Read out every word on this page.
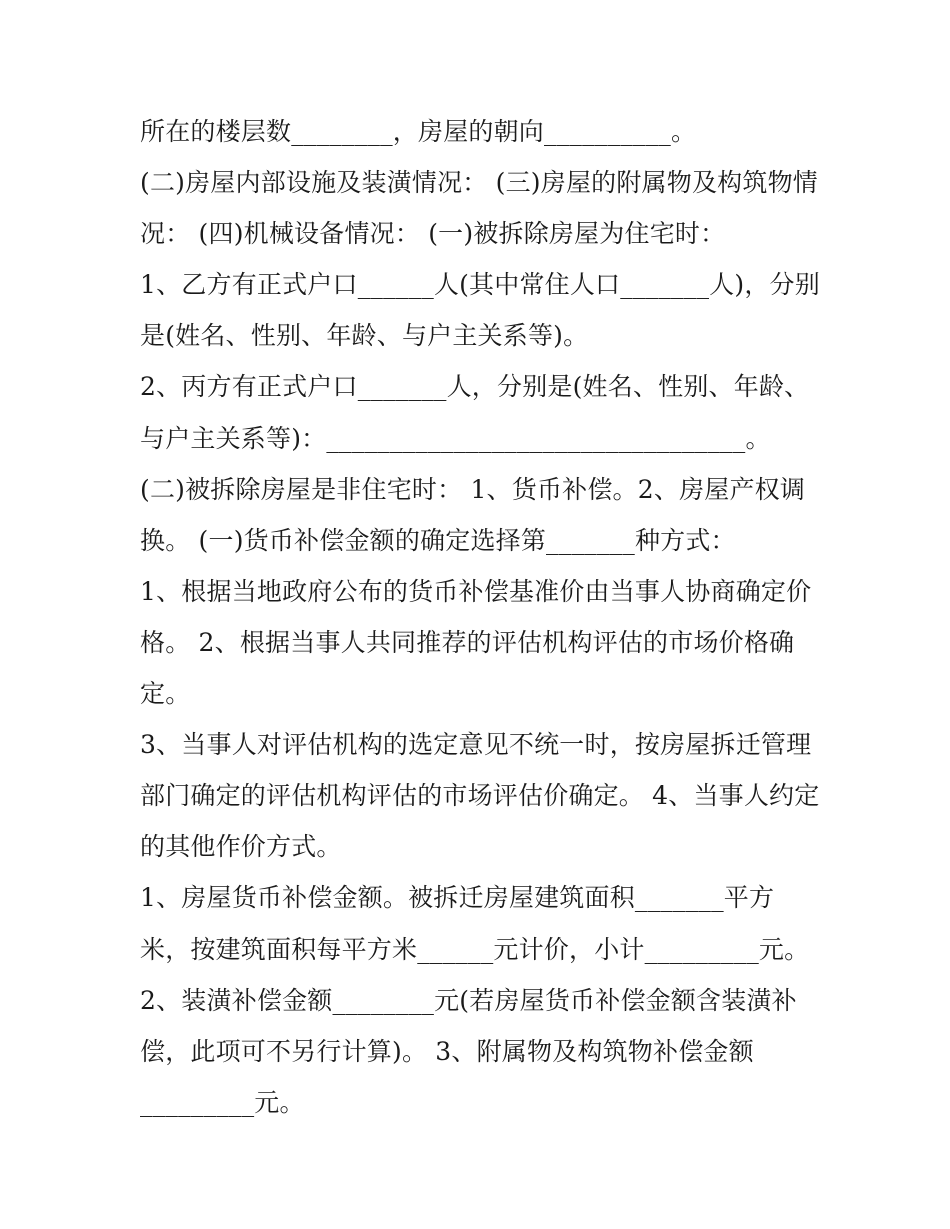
所在的楼层数________，房屋的朝向__________。
(二)房屋内部设施及装潢情况： (三)房屋的附属物及构筑物情
况： (四)机械设备情况： (一)被拆除房屋为住宅时：
1、乙方有正式户口______人(其中常住人口_______人)，分别
是(姓名、性别、年龄、与户主关系等)。
2、丙方有正式户口_______人，分别是(姓名、性别、年龄、
与户主关系等)：_________________________________。
(二)被拆除房屋是非住宅时： 1、货币补偿。2、房屋产权调
换。 (一)货币补偿金额的确定选择第_______种方式：
1、根据当地政府公布的货币补偿基准价由当事人协商确定价
格。 2、根据当事人共同推荐的评估机构评估的市场价格确
定。
3、当事人对评估机构的选定意见不统一时，按房屋拆迁管理
部门确定的评估机构评估的市场评估价确定。 4、当事人约定
的其他作价方式。
1、房屋货币补偿金额。被拆迁房屋建筑面积_______平方
米，按建筑面积每平方米______元计价，小计_________元。
2、装潢补偿金额________元(若房屋货币补偿金额含装潢补
偿，此项可不另行计算)。 3、附属物及构筑物补偿金额
_________元。
